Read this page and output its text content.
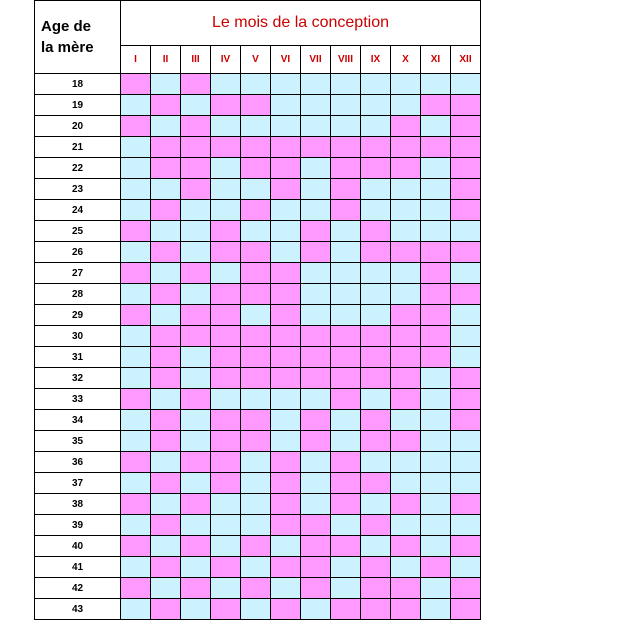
Age de
la mère	Le mois de la conception											
	I	II	III	IV	V	VI	VII	VIII	IX	X	XI	XII
18												
19												
20												
21												
22												
23												
24												
25												
26												
27												
28												
29												
30												
31												
32												
33												
34												
35												
36												
37												
38												
39												
40												
41												
42												
43												
